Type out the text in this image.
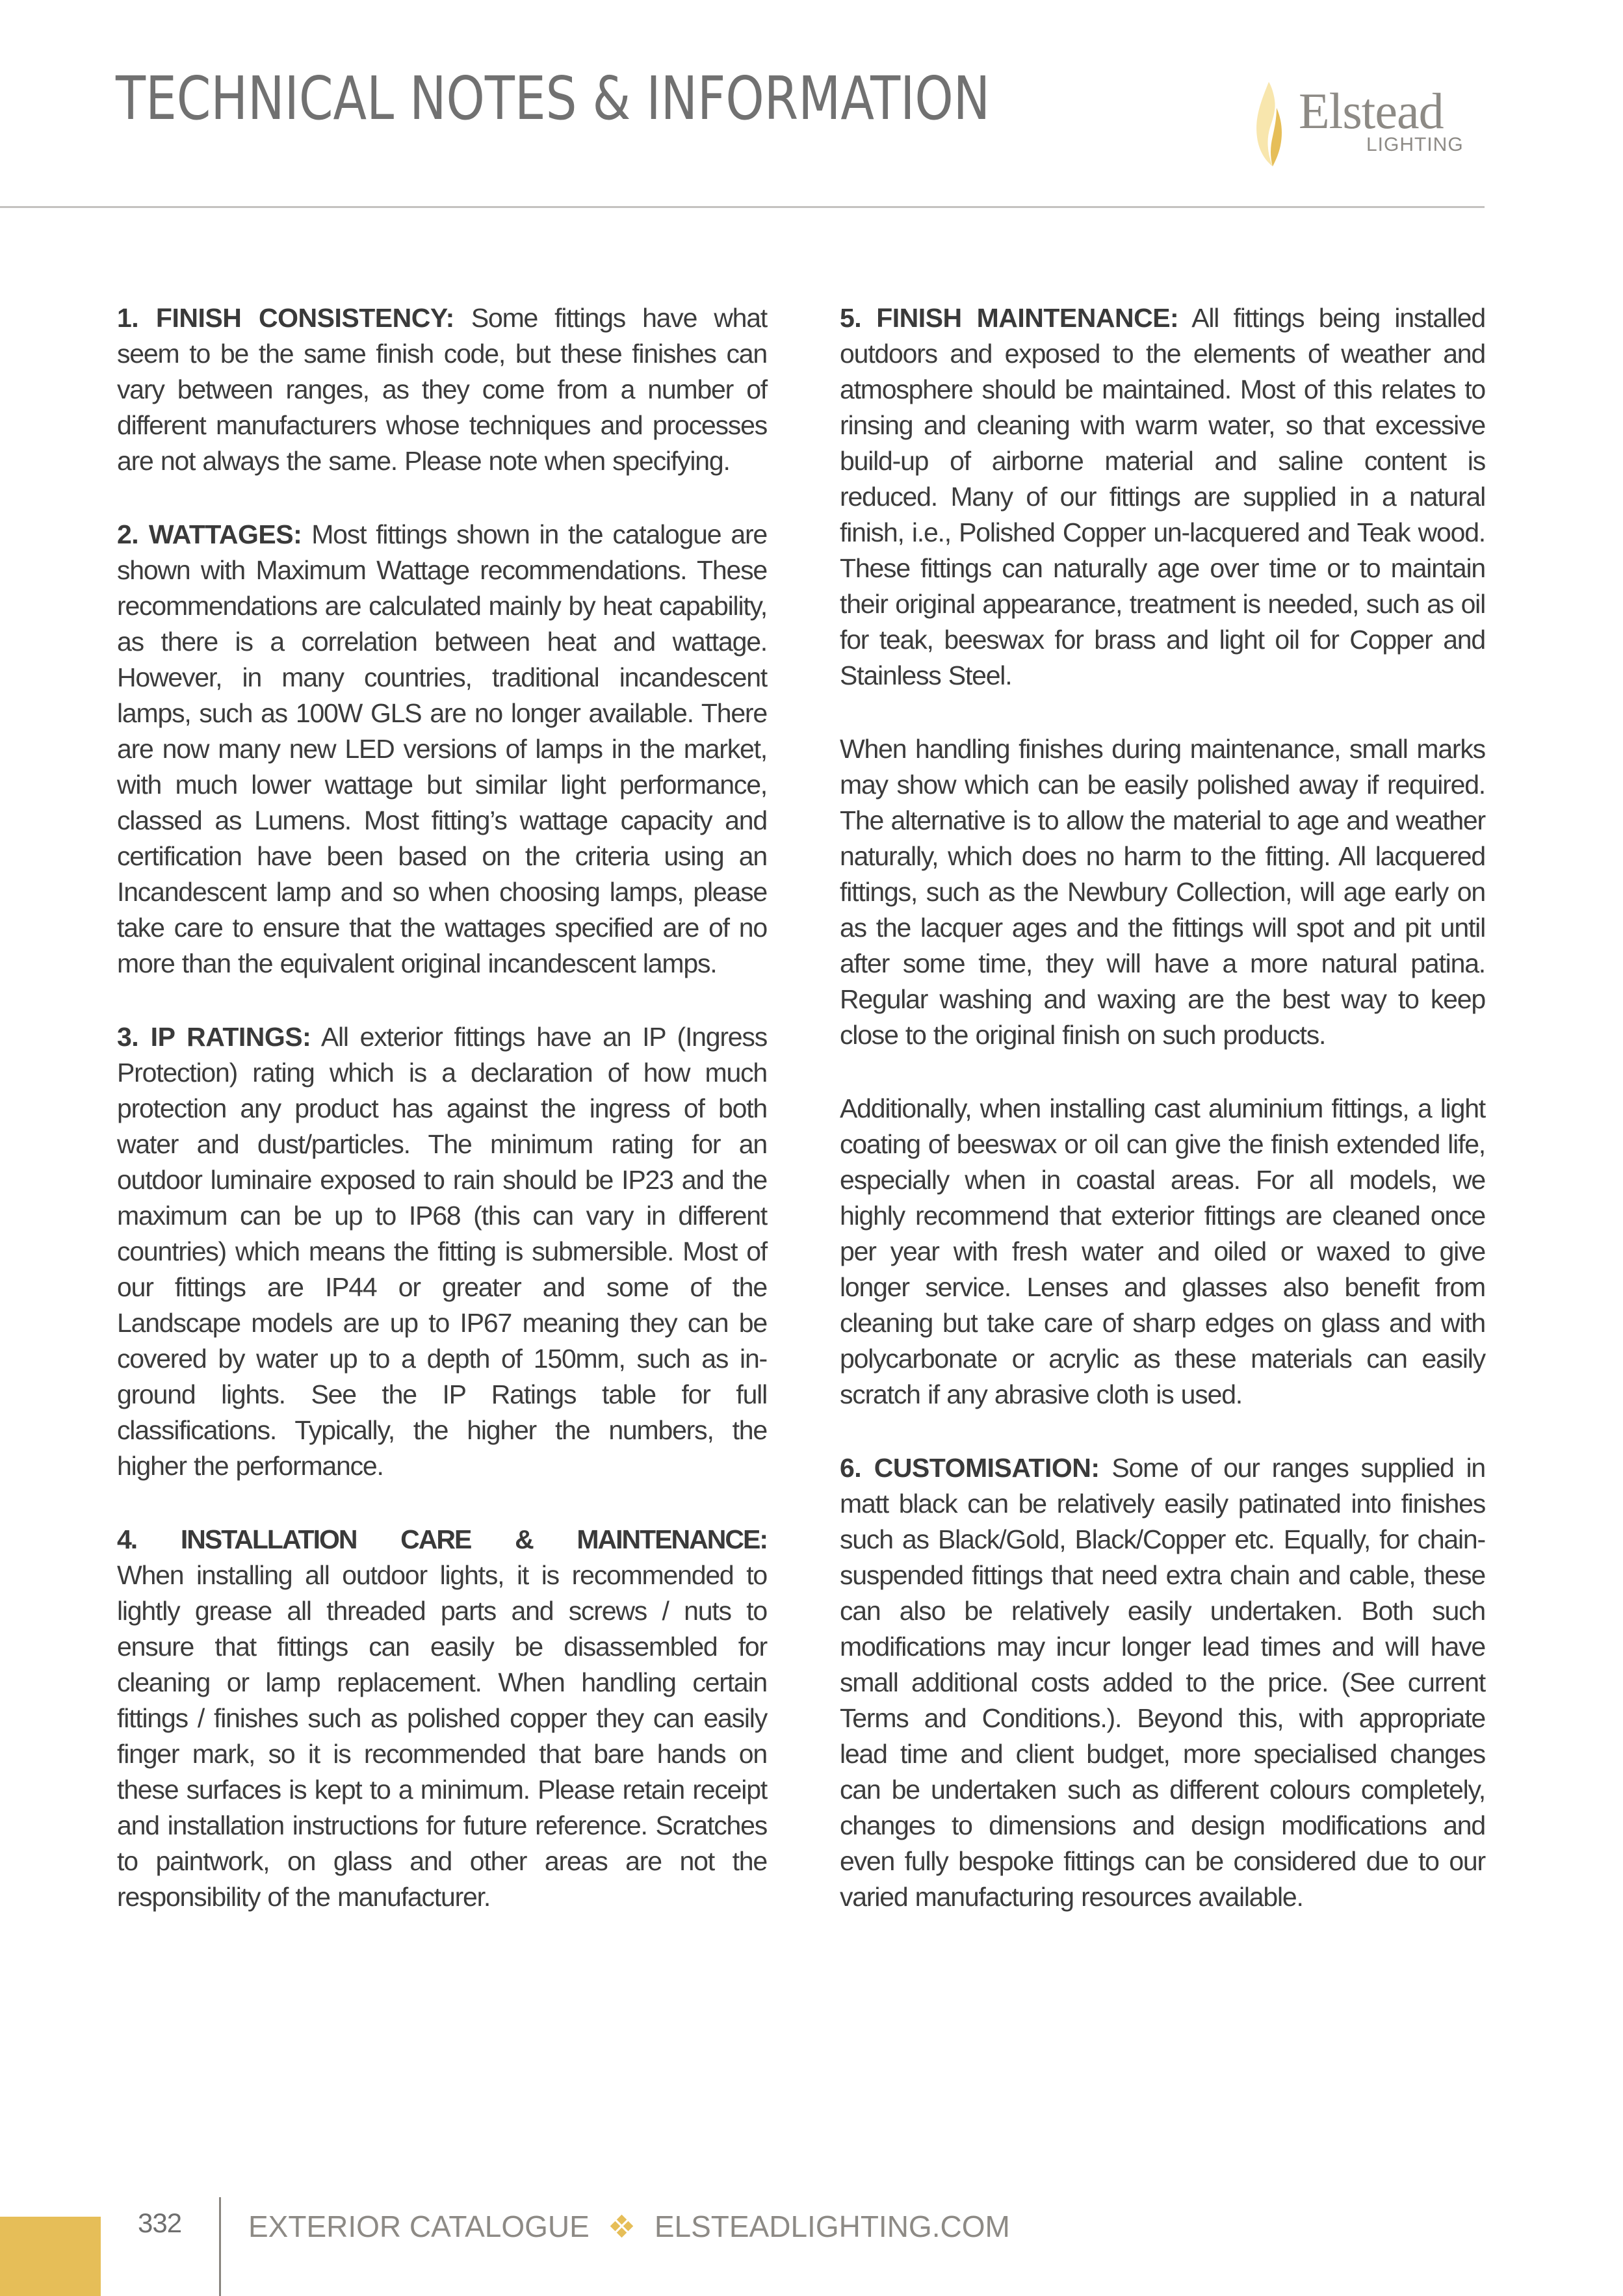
TECHNICAL NOTES & INFORMATION	Elstead
LIGHTING

1. FINISH CONSISTENCY: Some fittings have what seem to be the same finish code, but these finishes can vary between ranges, as they come from a number of different manufacturers whose techniques and processes are not always the same. Please note when specifying.

2. WATTAGES: Most fittings shown in the catalogue are shown with Maximum Wattage recommendations. These recommendations are calculated mainly by heat capability, as there is a correlation between heat and wattage. However, in many countries, traditional incandescent lamps, such as 100W GLS are no longer available. There are now many new LED versions of lamps in the market, with much lower wattage but similar light performance, classed as Lumens. Most fitting’s wattage capacity and certification have been based on the criteria using an Incandescent lamp and so when choosing lamps, please take care to ensure that the wattages specified are of no more than the equivalent original incandescent lamps.

3. IP RATINGS: All exterior fittings have an IP (Ingress Protection) rating which is a declaration of how much protection any product has against the ingress of both water and dust/particles. The minimum rating for an outdoor luminaire exposed to rain should be IP23 and the maximum can be up to IP68 (this can vary in different countries) which means the fitting is submersible. Most of our fittings are IP44 or greater and some of the Landscape models are up to IP67 meaning they can be covered by water up to a depth of 150mm, such as in-ground lights. See the IP Ratings table for full classifications. Typically, the higher the numbers, the higher the performance.

4. INSTALLATION CARE & MAINTENANCE:
When installing all outdoor lights, it is recommended to lightly grease all threaded parts and screws / nuts to ensure that fittings can easily be disassembled for cleaning or lamp replacement. When handling certain fittings / finishes such as polished copper they can easily finger mark, so it is recommended that bare hands on these surfaces is kept to a minimum. Please retain receipt and installation instructions for future reference. Scratches to paintwork, on glass and other areas are not the responsibility of the manufacturer.

5. FINISH MAINTENANCE: All fittings being installed outdoors and exposed to the elements of weather and atmosphere should be maintained. Most of this relates to rinsing and cleaning with warm water, so that excessive build-up of airborne material and saline content is reduced. Many of our fittings are supplied in a natural finish, i.e., Polished Copper un-lacquered and Teak wood. These fittings can naturally age over time or to maintain their original appearance, treatment is needed, such as oil for teak, beeswax for brass and light oil for Copper and Stainless Steel.

When handling finishes during maintenance, small marks may show which can be easily polished away if required. The alternative is to allow the material to age and weather naturally, which does no harm to the fitting. All lacquered fittings, such as the Newbury Collection, will age early on as the lacquer ages and the fittings will spot and pit until after some time, they will have a more natural patina. Regular washing and waxing are the best way to keep close to the original finish on such products.

Additionally, when installing cast aluminium fittings, a light coating of beeswax or oil can give the finish extended life, especially when in coastal areas. For all models, we highly recommend that exterior fittings are cleaned once per year with fresh water and oiled or waxed to give longer service. Lenses and glasses also benefit from cleaning but take care of sharp edges on glass and with polycarbonate or acrylic as these materials can easily scratch if any abrasive cloth is used.

6. CUSTOMISATION: Some of our ranges supplied in matt black can be relatively easily patinated into finishes such as Black/Gold, Black/Copper etc. Equally, for chain-suspended fittings that need extra chain and cable, these can also be relatively easily undertaken. Both such modifications may incur longer lead times and will have small additional costs added to the price. (See current Terms and Conditions.). Beyond this, with appropriate lead time and client budget, more specialised changes can be undertaken such as different colours completely, changes to dimensions and design modifications and even fully bespoke fittings can be considered due to our varied manufacturing resources available.

332 EXTERIOR CATALOGUE ELSTEADLIGHTING.COM
